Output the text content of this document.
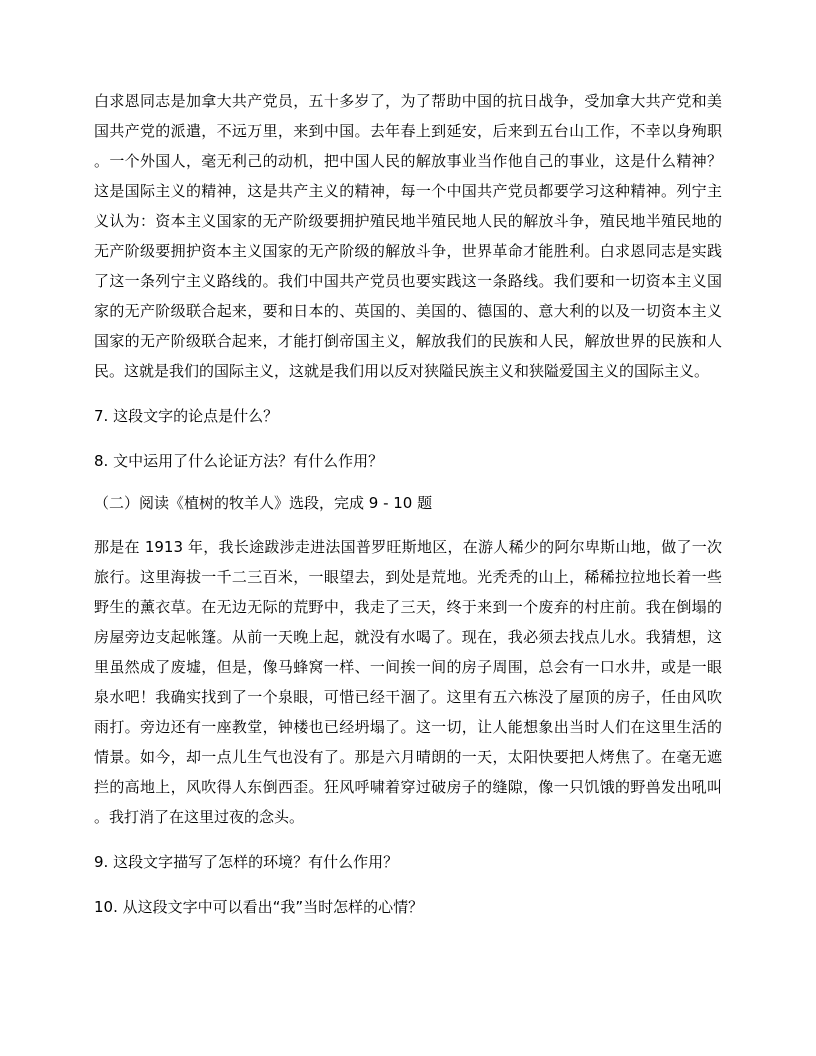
白求恩同志是加拿大共产党员，五十多岁了，为了帮助中国的抗日战争，受加拿大共产党和美国共产党的派遣，不远万里，来到中国。去年春上到延安，后来到五台山工作，不幸以身殉职。一个外国人，毫无利己的动机，把中国人民的解放事业当作他自己的事业，这是什么精神？这是国际主义的精神，这是共产主义的精神，每一个中国共产党员都要学习这种精神。列宁主义认为：资本主义国家的无产阶级要拥护殖民地半殖民地人民的解放斗争，殖民地半殖民地的无产阶级要拥护资本主义国家的无产阶级的解放斗争，世界革命才能胜利。白求恩同志是实践了这一条列宁主义路线的。我们中国共产党员也要实践这一条路线。我们要和一切资本主义国家的无产阶级联合起来，要和日本的、英国的、美国的、德国的、意大利的以及一切资本主义国家的无产阶级联合起来，才能打倒帝国主义，解放我们的民族和人民，解放世界的民族和人民。这就是我们的国际主义，这就是我们用以反对狭隘民族主义和狭隘爱国主义的国际主义。

7. 这段文字的论点是什么？

8. 文中运用了什么论证方法？有什么作用？

（二）阅读《植树的牧羊人》选段，完成 9 - 10 题

那是在 1913 年，我长途跋涉走进法国普罗旺斯地区，在游人稀少的阿尔卑斯山地，做了一次旅行。这里海拔一千二三百米，一眼望去，到处是荒地。光秃秃的山上，稀稀拉拉地长着一些野生的薰衣草。在无边无际的荒野中，我走了三天，终于来到一个废弃的村庄前。我在倒塌的房屋旁边支起帐篷。从前一天晚上起，就没有水喝了。现在，我必须去找点儿水。我猜想，这里虽然成了废墟，但是，像马蜂窝一样、一间挨一间的房子周围，总会有一口水井，或是一眼泉水吧！我确实找到了一个泉眼，可惜已经干涸了。这里有五六栋没了屋顶的房子，任由风吹雨打。旁边还有一座教堂，钟楼也已经坍塌了。这一切，让人能想象出当时人们在这里生活的情景。如今，却一点儿生气也没有了。那是六月晴朗的一天，太阳快要把人烤焦了。在毫无遮拦的高地上，风吹得人东倒西歪。狂风呼啸着穿过破房子的缝隙，像一只饥饿的野兽发出吼叫。我打消了在这里过夜的念头。

9. 这段文字描写了怎样的环境？有什么作用？

10. 从这段文字中可以看出“我”当时怎样的心情？
